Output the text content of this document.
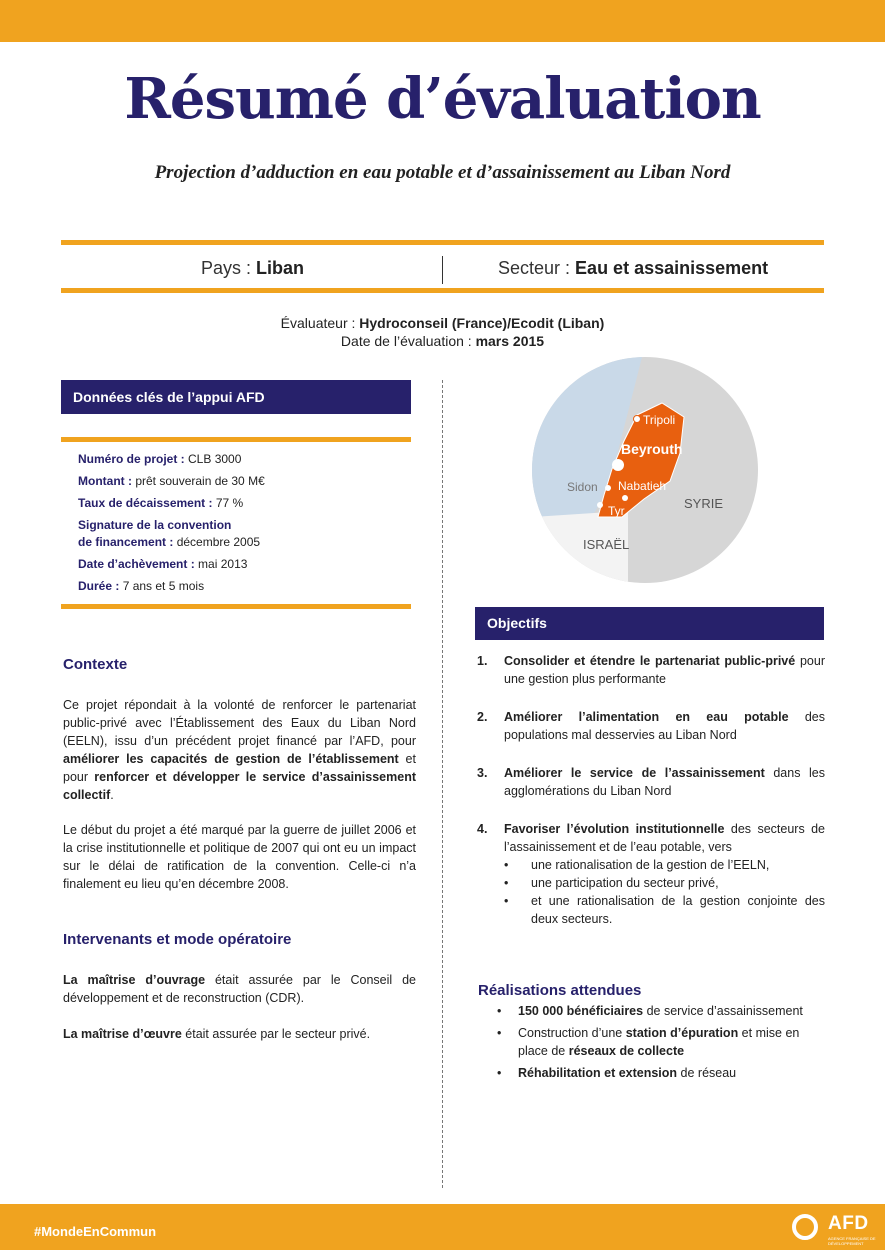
Résumé d’évaluation
Projection d’adduction en eau potable et d’assainissement au Liban Nord
Pays : Liban	Secteur : Eau et assainissement
Évaluateur : Hydroconseil (France)/Ecodit (Liban)
Date de l’évaluation : mars 2015
Données clés de l’appui AFD
Numéro de projet : CLB 3000
Montant : prêt souverain de 30 M€
Taux de décaissement : 77 %
Signature de la convention
de financement : décembre 2005
Date d’achèvement : mai 2013
Durée : 7 ans et 5 mois
Contexte
Ce projet répondait à la volonté de renforcer le partenariat public-privé avec l’Établissement des Eaux du Liban Nord (EELN), issu d’un précédent projet financé par l’AFD, pour améliorer les capacités de gestion de l’établissement et pour renforcer et développer le service d’assainissement collectif.
Le début du projet a été marqué par la guerre de juillet 2006 et la crise institutionnelle et politique de 2007 qui ont eu un impact sur le délai de ratification de la convention. Celle-ci n’a finalement eu lieu qu’en décembre 2008.
Intervenants et mode opératoire
La maîtrise d’ouvrage était assurée par le Conseil de développement et de reconstruction (CDR).
La maîtrise d’œuvre était assurée par le secteur privé.
Tripoli
Beyrouth
Sidon Nabatieh
Tyr	SYRIE
ISRAËL
Objectifs
1. Consolider et étendre le partenariat public-privé pour une gestion plus performante
2. Améliorer l’alimentation en eau potable des populations mal desservies au Liban Nord
3. Améliorer le service de l’assainissement dans les agglomérations du Liban Nord
4. Favoriser l’évolution institutionnelle des secteurs de l’assainissement et de l’eau potable, vers
• une rationalisation de la gestion de l’EELN,
• une participation du secteur privé,
• et une rationalisation de la gestion conjointe des deux secteurs.
Réalisations attendues
• 150 000 bénéficiaires de service d’assainissement
• Construction d’une station d’épuration et mise en place de réseaux de collecte
• Réhabilitation et extension de réseau
#MondeEnCommun	AFD
AGENCE FRANÇAISE DE DÉVELOPPEMENT
